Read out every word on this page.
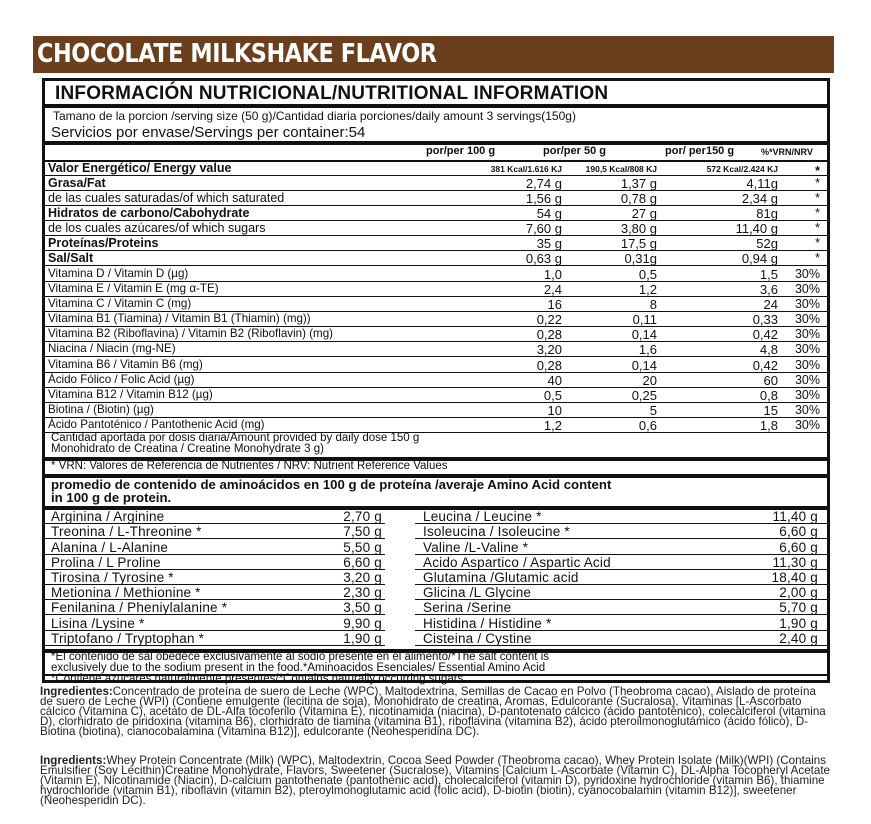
CHOCOLATE MILKSHAKE FLAVOR
INFORMACIÓN NUTRICIONAL/NUTRITIONAL INFORMATION
Tamano de la porcion /serving size (50 g)/Cantidad diaria porciones/daily amount 3 servings(150g)
Servicios por envase/Servings per container:54
por/per 100 g	por/per 50 g	por/ per150 g	%*VRN/NRV
Valor Energético/ Energy value	381 Kcal/1.616 KJ	190,5 Kcal/808 KJ	572 Kcal/2.424 KJ	*
Grasa/Fat	2,74 g	1,37 g	4,11g	*
de las cuales saturadas/of which saturated	1,56 g	0,78 g	2,34 g	*
Hidratos de carbono/Cabohydrate	54 g	27 g	81g	*
de los cuales azúcares/of which sugars	7,60 g	3,80 g	11,40 g	*
Proteínas/Proteins	35 g	17,5 g	52g	*
Sal/Salt	0,63 g	0,31g	0,94 g	*
Vitamina D / Vitamin D (µg)	1,0	0,5	1,5 30%
Vitamina E / Vitamin E (mg α-TE)	2,4	1,2	3,6 30%
Vitamina C / Vitamin C (mg)	16	8	24 30%
Vitamina B1 (Tiamina) / Vitamin B1 (Thiamin) (mg))	0,22	0,11	0,33 30%
Vitamina B2 (Riboflavina) / Vitamin B2 (Riboflavin) (mg)	0,28	0,14	0,42 30%
Niacina / Niacin (mg-NE)	3,20	1,6	4,8 30%
Vitamina B6 / Vitamin B6 (mg)	0,28	0,14	0,42 30%
Ácido Fólico / Folic Acid (µg)	40	20	60 30%
Vitamina B12 / Vitamin B12 (µg)	0,5	0,25	0,8 30%
Biotina / (Biotin) (µg)	10	5	15 30%
Ácido Pantoténico / Pantothenic Acid (mg)	1,2	0,6	1,8 30%
Cantidad aportada por dosis diaria/Amount provided by daily dose 150 g
Monohidrato de Creatina / Creatine Monohydrate 3 g)
* VRN: Valores de Referencia de Nutrientes / NRV: Nutrient Reference Values
promedio de contenido de aminoácidos en 100 g de proteína /averaje Amino Acid content
in 100 g de protein.
Arginina / Arginine	2,70 g	Leucina / Leucine *	11,40 g
Treonina / L-Threonine *	7,50 g	Isoleucina / Isoleucine *	6,60 g
Alanina / L-Alanine	5,50 g	Valine /L-Valine *	6,60 g
Prolina / L Proline	6,60 g	Acido Aspartico / Aspartic Acid	11,30 g
Tirosina / Tyrosine *	3,20 g	Glutamina /Glutamic acid	18,40 g
Metionina / Methionine *	2,30 g	Glicina /L Glycine	2,00 g
Fenilanina / Pheniylalanine *	3,50 g	Serina /Serine	5,70 g
Lisina /Lysine *	9,90 g	Histidina / Histidine *	1,90 g
Triptofano / Tryptophan *	1,90 g	Cisteina / Cystine	2,40 g
*El contenido de sal obedece exclusivamente al sodio presente en el alimento/*The salt content is
exclusively due to the sodium present in the food.*Aminoacidos Esenciales/ Essential Amino Acid
*Contiene azucares naturalmente presentes/*Contains naturally occurring sugars

Ingredientes:Concentrado de proteína de suero de Leche (WPC), Maltodextrina, Semillas de Cacao en Polvo (Theobroma cacao), Aislado de proteína de suero de Leche (WPI) (Contiene emulgente (lecitina de soja), Monohidrato de creatina, Aromas, Edulcorante (Sucralosa), Vitaminas [L-Ascorbato cálcico (Vitamina C), acetato de DL-Alfa tocoferilo (Vitamina E), nicotinamida (niacina), D-pantotenato cálcico (ácido pantoténico), colecalciferol (vitamina D), clorhidrato de piridoxina (vitamina B6), clorhidrato de tiamina (vitamina B1), riboflavina (vitamina B2), ácido pteroilmonoglutámico (ácido fólico), D-Biotina (biotina), cianocobalamina (Vitamina B12)], edulcorante (Neohesperidina DC).

Ingredients:Whey Protein Concentrate (Milk) (WPC), Maltodextrin, Cocoa Seed Powder (Theobroma cacao), Whey Protein Isolate (Milk)(WPI) (Contains Emulsifier (Soy Lecithin)Creatine Monohydrate, Flavors, Sweetener (Sucralose), Vitamins [Calcium L-Ascorbate (Vitamin C), DL-Alpha Tocopheryl Acetate (Vitamin E), Nicotinamide (Niacin), D-calcium pantothenate (pantothenic acid), cholecalciferol (vitamin D), pyridoxine hydrochloride (vitamin B6), thiamine hydrochloride (vitamin B1), riboflavin (vitamin B2), pteroylmonoglutamic acid (folic acid), D-biotin (biotin), cyanocobalamin (vitamin B12)], sweetener (Neohesperidin DC).
